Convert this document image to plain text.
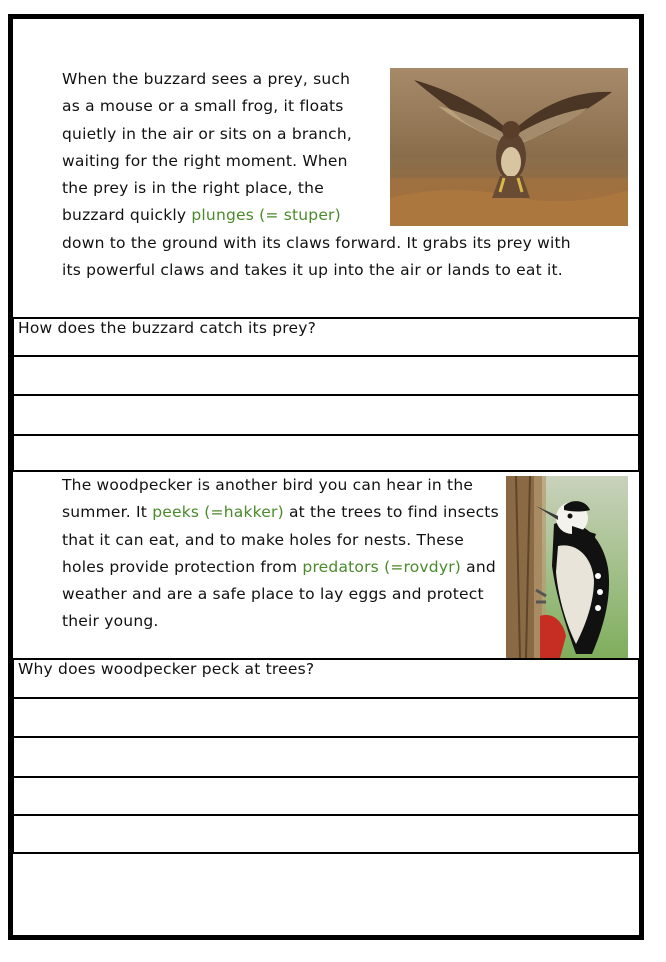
When the buzzard sees a prey, such as a mouse or a small frog, it floats quietly in the air or sits on a branch, waiting for the right moment. When the prey is in the right place, the buzzard quickly plunges (= stuper) down to the ground with its claws forward. It grabs its prey with its powerful claws and takes it up into the air or lands to eat it.

How does the buzzard catch its prey?

The woodpecker is another bird you can hear in the summer. It peeks (=hakker) at the trees to find insects that it can eat, and to make holes for nests. These holes provide protection from predators (=rovdyr) and weather and are a safe place to lay eggs and protect their young.

Why does woodpecker peck at trees?
